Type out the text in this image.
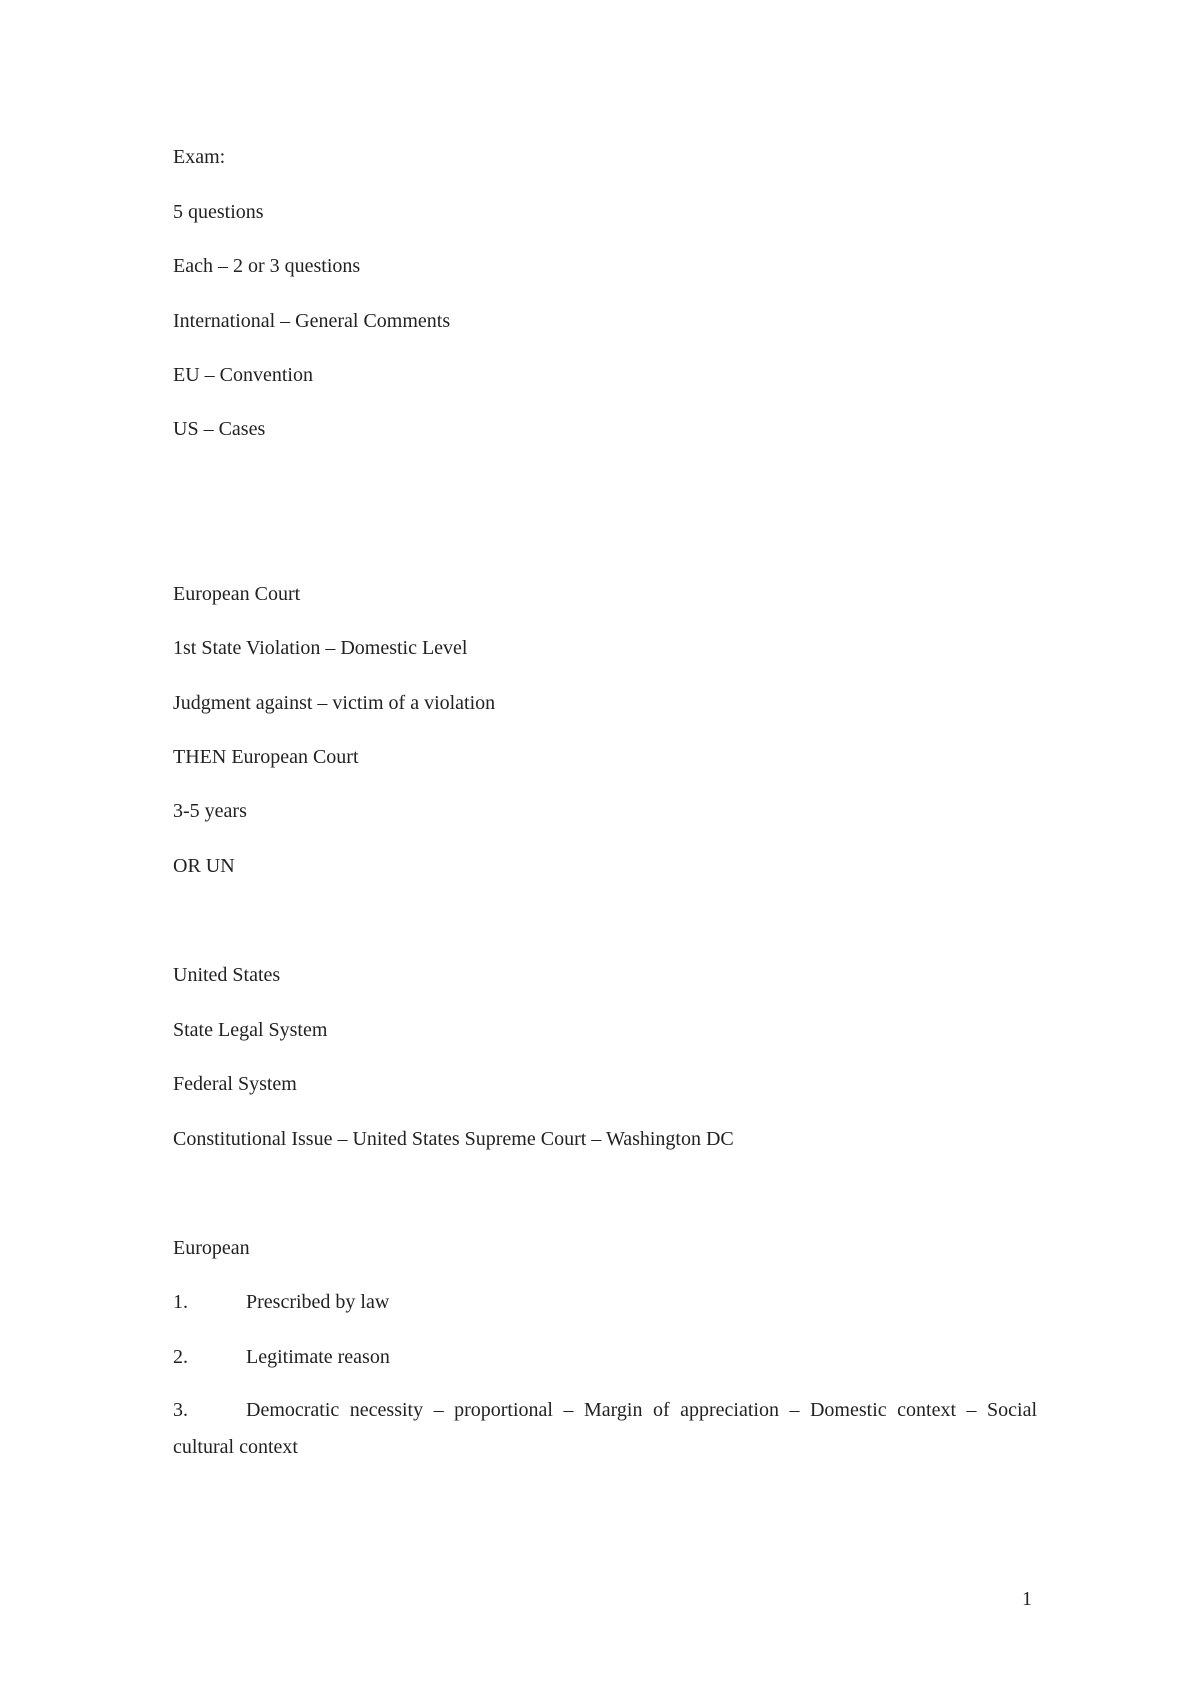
Exam:
5 questions
Each – 2 or 3 questions
International – General Comments
EU – Convention
US – Cases
European Court
1st State Violation – Domestic Level
Judgment against – victim of a violation
THEN European Court
3-5 years
OR UN
United States
State Legal System
Federal System
Constitutional Issue – United States Supreme Court – Washington DC
European
1.	Prescribed by law
2.	Legitimate reason
3.	Democratic necessity – proportional – Margin of appreciation – Domestic context – Social cultural context
1
